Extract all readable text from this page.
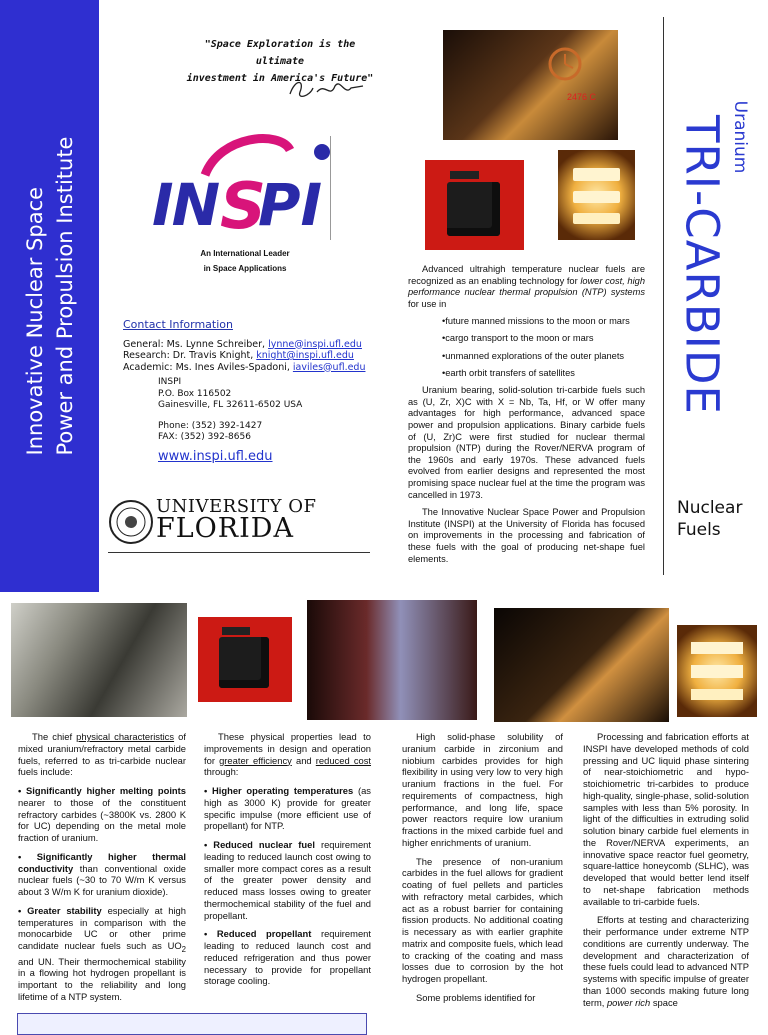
Innovative Nuclear Space Power and Propulsion Institute
"Space Exploration is the ultimate
investment in America's Future"
IN S
PI
An International Leader
in Space Applications
Contact Information
General: Ms. Lynne Schreiber, lynne@inspi.ufl.edu
Research: Dr. Travis Knight, knight@inspi.ufl.edu
Academic: Ms. Ines Aviles-Spadoni, iaviles@ufl.edu
INSPI
P.O. Box 116502
Gainesville, FL 32611-6502 USA
Phone: (352) 392-1427
FAX: (352) 392-8656
www.inspi.ufl.edu
UNIVERSITY OF
FLORIDA
2476 C

Advanced ultrahigh temperature nuclear fuels are recognized as an enabling technology for lower cost, high performance nuclear thermal propulsion (NTP) systems for use in

•future manned missions to the moon or mars
•cargo transport to the moon or mars
•unmanned explorations of the outer planets
•earth orbit transfers of satellites

Uranium bearing, solid-solution tri-carbide fuels such as (U, Zr, X)C with X = Nb, Ta, Hf, or W offer many advantages for high performance, advanced space power and propulsion applications. Binary carbide fuels of (U, Zr)C were first studied for nuclear thermal propulsion (NTP) during the Rover/NERVA program of the 1960s and early 1970s. These advanced fuels evolved from earlier designs and represented the most promising space nuclear fuel at the time the program was cancelled in 1973.

The Innovative Nuclear Space Power and Propulsion Institute (INSPI) at the University of Florida has focused on improvements in the processing and fabrication of these fuels with the goal of producing net-shape fuel elements.

Uranium
TRI-CARBIDE
Nuclear
Fuels

The chief physical characteristics of mixed uranium/refractory metal carbide fuels, referred to as tri-carbide nuclear fuels include:

• Significantly higher melting points nearer to those of the constituent refractory carbides (~3800K vs. 2800 K for UC) depending on the metal mole fraction of uranium.

• Significantly higher thermal conductivity than conventional oxide nuclear fuels (~30 to 70 W/m K versus about 3 W/m K for uranium dioxide).

• Greater stability especially at high temperatures in comparison with the monocarbide UC or other prime candidate nuclear fuels such as $UO_2$ and UN. Their thermochemical stability in a flowing hot hydrogen propellant is important to the reliability and long lifetime of a NTP system.

These physical properties lead to improvements in design and operation for greater efficiency and reduced cost through:

• Higher operating temperatures (as high as 3000 K) provide for greater specific impulse (more efficient use of propellant) for NTP.

• Reduced nuclear fuel requirement leading to reduced launch cost owing to smaller more compact cores as a result of the greater power density and reduced mass losses owing to greater thermochemical stability of the fuel and propellant.

• Reduced propellant requirement leading to reduced launch cost and reduced refrigeration and thus power necessary to provide for propellant storage cooling.

High solid-phase solubility of uranium carbide in zirconium and niobium carbides provides for high flexibility in using very low to very high uranium fractions in the fuel. For requirements of compactness, high performance, and long life, space power reactors require low uranium fractions in the mixed carbide fuel and higher enrichments of uranium.

The presence of non-uranium carbides in the fuel allows for gradient coating of fuel pellets and particles with refractory metal carbides, which act as a robust barrier for containing fission products. No additional coating is necessary as with earlier graphite matrix and composite fuels, which lead to cracking of the coating and mass losses due to corrosion by the hot hydrogen propellant.

Some problems identified for

Processing and fabrication efforts at INSPI have developed methods of cold pressing and UC liquid phase sintering of near-stoichiometric and hypo-stoichiometric tri-carbides to produce high-quality, single-phase, solid-solution samples with less than 5% porosity. In light of the difficulties in extruding solid solution binary carbide fuel elements in the Rover/NERVA experiments, an innovative space reactor fuel geometry, square-lattice honeycomb (SLHC), was developed that would better lend itself to net-shape fabrication methods available to tri-carbide fuels.

Efforts at testing and characterizing their performance under extreme NTP conditions are currently underway. The development and characterization of these fuels could lead to advanced NTP systems with specific impulse of greater than 1000 seconds making future long term, power rich space
